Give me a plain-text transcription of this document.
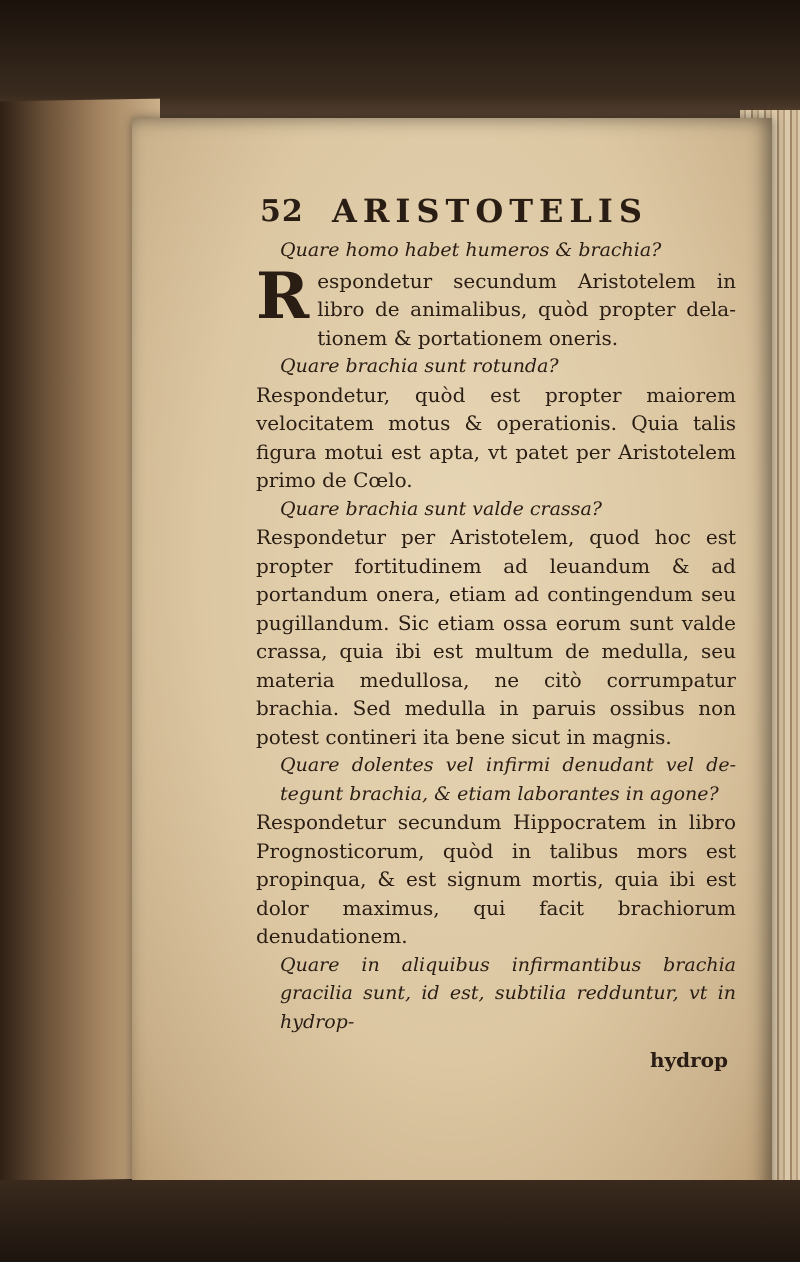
52 ARISTOTELIS
Quare homo habet humeros & brachia?
Respondetur secundum Aristotelem in libro de animalibus, quòd propter delationem & portationem oneris.
Quare brachia sunt rotunda?
Respondetur, quòd est propter maiorem velocitatem motus & operationis. Quia talis figura motui est apta, vt patet per Aristotelem primo de Cœlo.
Quare brachia sunt valde crassa?
Respondetur per Aristotelem, quod hoc est propter fortitudinem ad leuandum & ad portandum onera, etiam ad contingendum seu pugillandum. Sic etiam ossa eorum sunt valde crassa, quia ibi est multum de medulla, seu materia medullosa, ne citò corrumpatur brachia. Sed medulla in paruis ossibus non potest contineri ita bene sicut in magnis.
Quare dolentes vel infirmi denudant vel detegunt brachia, & etiam laborantes in agone?
Respondetur secundum Hippocratem in libro Prognosticorum, quòd in talibus mors est propinqua, & est signum mortis, quia ibi est dolor maximus, qui facit brachiorum denudationem.
Quare in aliquibus infirmantibus brachia gracilia sunt, id est, subtilia redduntur, vt in hydrop-
hydrop
